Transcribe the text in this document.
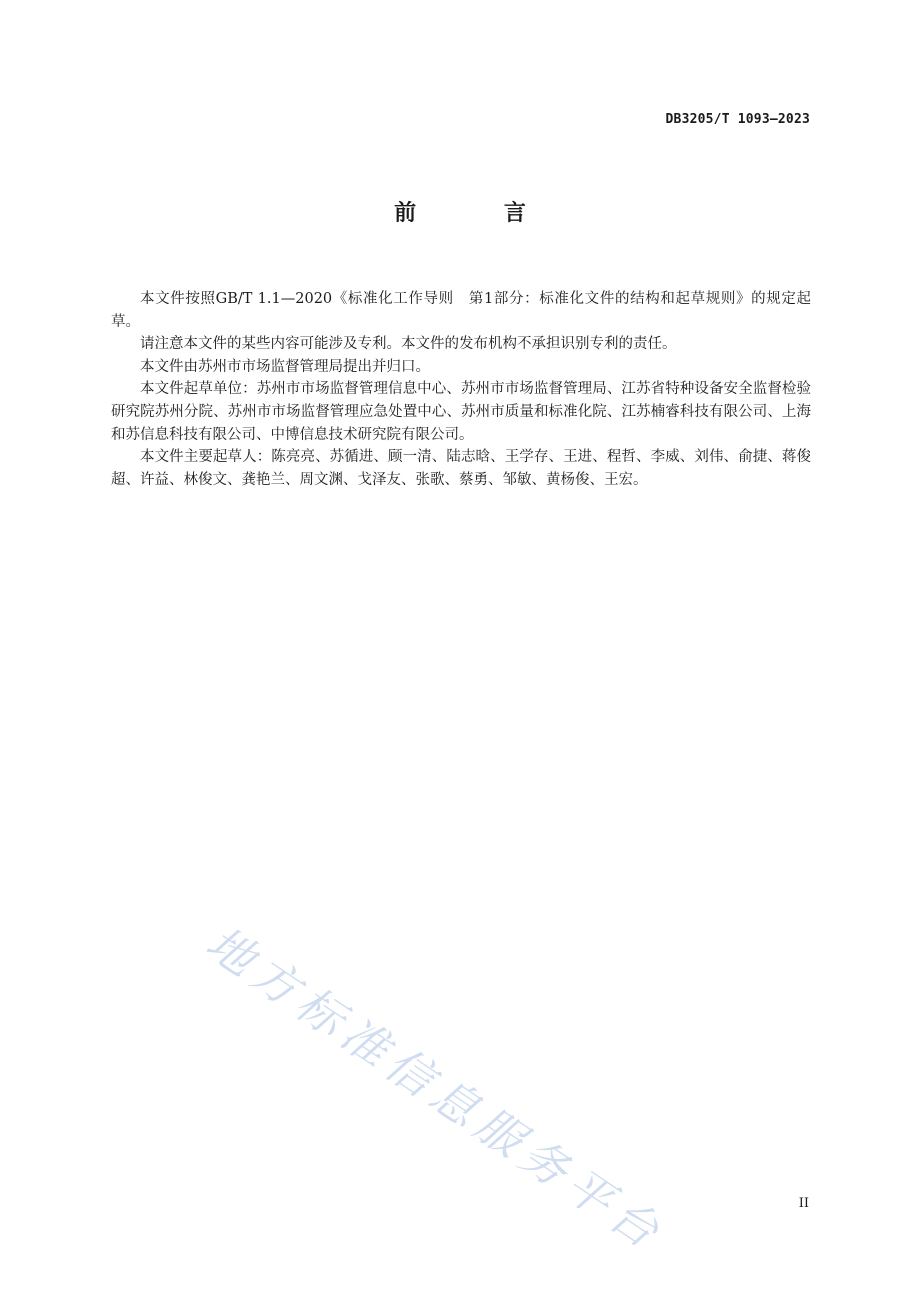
DB3205/T 1093—2023
前 言

本文件按照GB/T 1.1—2020《标准化工作导则　第1部分：标准化文件的结构和起草规则》的规定起草。

请注意本文件的某些内容可能涉及专利。本文件的发布机构不承担识别专利的责任。

本文件由苏州市市场监督管理局提出并归口。

本文件起草单位：苏州市市场监督管理信息中心、苏州市市场监督管理局、江苏省特种设备安全监督检验研究院苏州分院、苏州市市场监督管理应急处置中心、苏州市质量和标准化院、江苏楠睿科技有限公司、上海和苏信息科技有限公司、中博信息技术研究院有限公司。

本文件主要起草人：陈亮亮、苏循进、顾一清、陆志晗、王学存、王进、程哲、李威、刘伟、俞捷、蒋俊超、许益、林俊文、龚艳兰、周文渊、戈泽友、张歌、蔡勇、邹敏、黄杨俊、王宏。

地方标准信息服务平台	II
